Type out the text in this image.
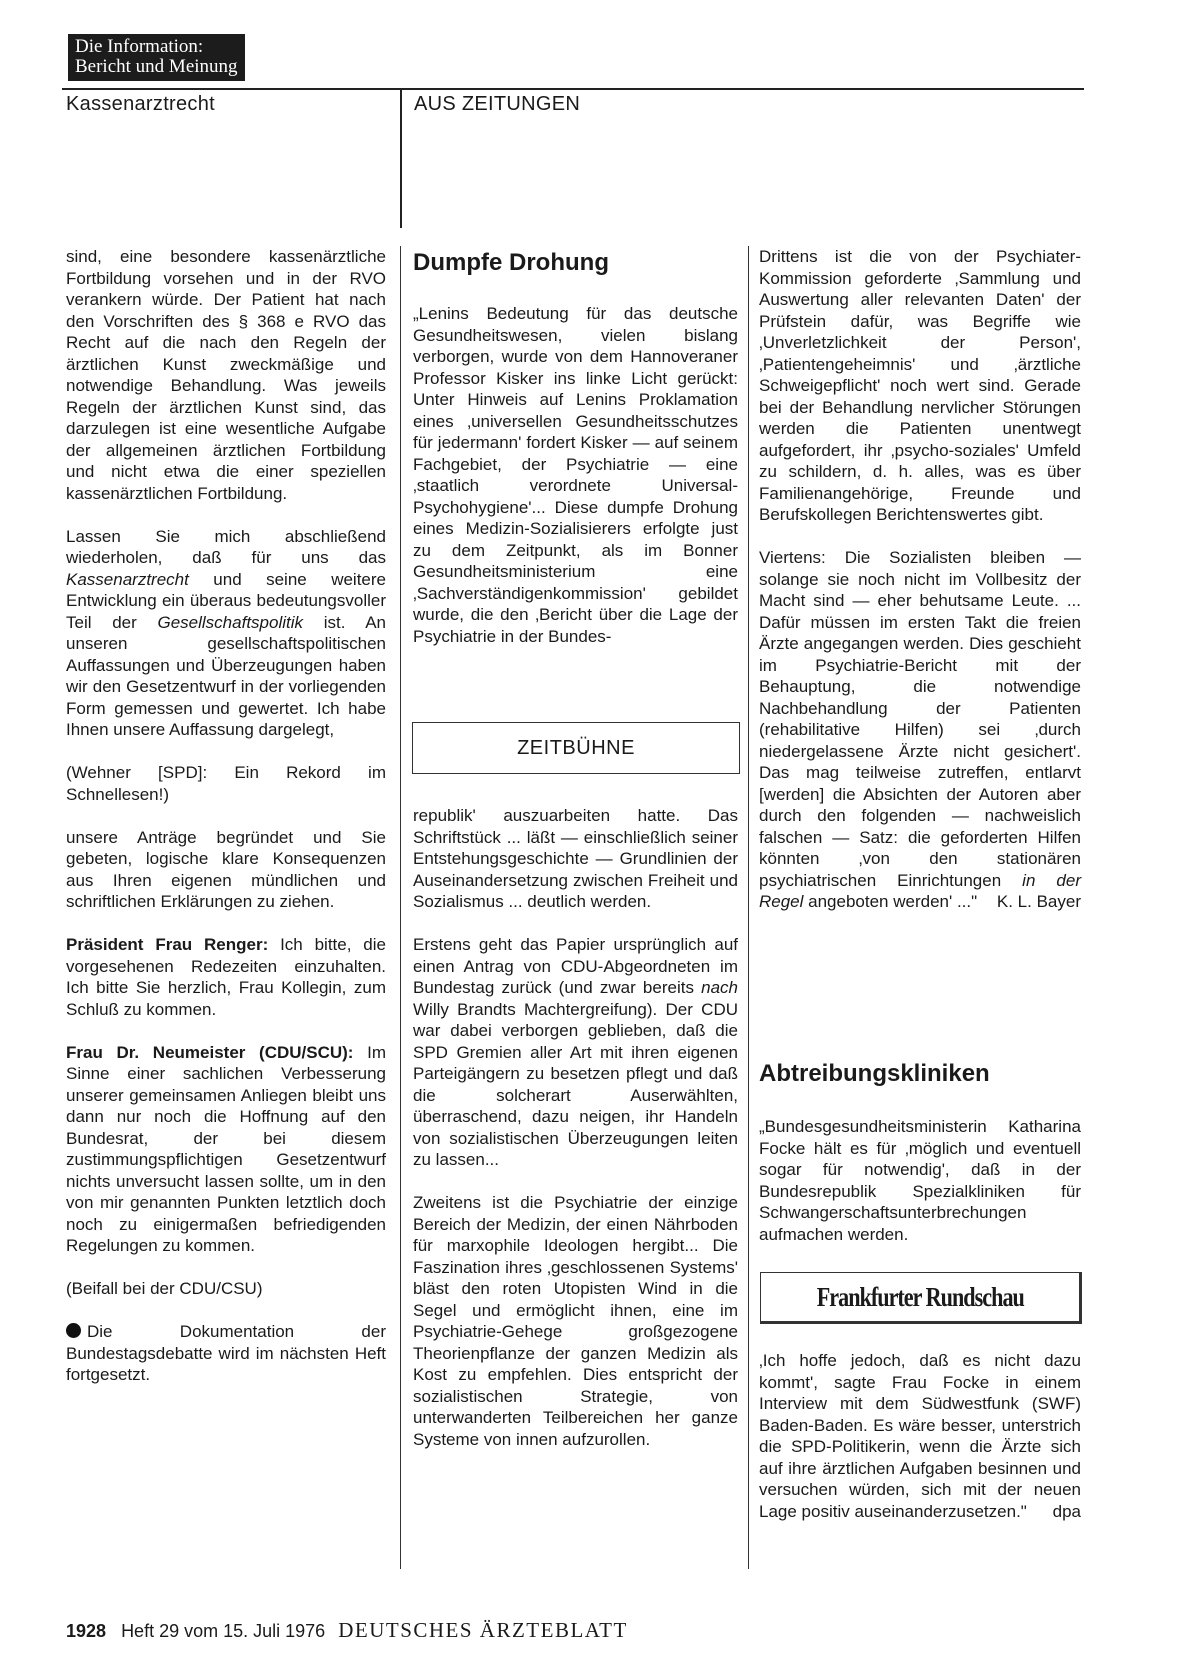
Die Information:
Bericht und Meinung
Kassenarztrecht	AUS ZEITUNGEN

sind, eine besondere kassenärztliche Fortbildung vorsehen und in der RVO verankern würde. Der Patient hat nach den Vorschriften des § 368 e RVO das Recht auf die nach den Regeln der ärztlichen Kunst zweckmäßige und notwendige Behandlung. Was jeweils Regeln der ärztlichen Kunst sind, das darzulegen ist eine wesentliche Aufgabe der allgemeinen ärztlichen Fortbildung und nicht etwa die einer speziellen kassenärztlichen Fortbildung.

Lassen Sie mich abschließend wiederholen, daß für uns das Kassenarztrecht und seine weitere Entwicklung ein überaus bedeutungsvoller Teil der Gesellschaftspolitik ist. An unseren gesellschaftspolitischen Auffassungen und Überzeugungen haben wir den Gesetzentwurf in der vorliegenden Form gemessen und gewertet. Ich habe Ihnen unsere Auffassung dargelegt,

(Wehner [SPD]: Ein Rekord im Schnellesen!)

unsere Anträge begründet und Sie gebeten, logische klare Konsequenzen aus Ihren eigenen mündlichen und schriftlichen Erklärungen zu ziehen.

Präsident Frau Renger: Ich bitte, die vorgesehenen Redezeiten einzuhalten. Ich bitte Sie herzlich, Frau Kollegin, zum Schluß zu kommen.

Frau Dr. Neumeister (CDU/SCU): Im Sinne einer sachlichen Verbesserung unserer gemeinsamen Anliegen bleibt uns dann nur noch die Hoffnung auf den Bundesrat, der bei diesem zustimmungspflichtigen Gesetzentwurf nichts unversucht lassen sollte, um in den von mir genannten Punkten letztlich doch noch zu einigermaßen befriedigenden Regelungen zu kommen.

(Beifall bei der CDU/CSU)

Die Dokumentation der Bundestagsdebatte wird im nächsten Heft fortgesetzt.

Dumpfe Drohung

„Lenins Bedeutung für das deutsche Gesundheitswesen, vielen bislang verborgen, wurde von dem Hannoveraner Professor Kisker ins linke Licht gerückt: Unter Hinweis auf Lenins Proklamation eines ‚universellen Gesundheitsschutzes für jedermann' fordert Kisker — auf seinem Fachgebiet, der Psychiatrie — eine ‚staatlich verordnete Universal-Psychohygiene'... Diese dumpfe Drohung eines Medizin-Sozialisierers erfolgte just zu dem Zeitpunkt, als im Bonner Gesundheitsministerium eine ‚Sachverständigenkommission' gebildet wurde, die den ‚Bericht über die Lage der Psychiatrie in der Bundes-

ZEITBÜHNE

republik' auszuarbeiten hatte. Das Schriftstück ... läßt — einschließlich seiner Entstehungsgeschichte — Grundlinien der Auseinandersetzung zwischen Freiheit und Sozialismus ... deutlich werden.

Erstens geht das Papier ursprünglich auf einen Antrag von CDU-Abgeordneten im Bundestag zurück (und zwar bereits nach Willy Brandts Machtergreifung). Der CDU war dabei verborgen geblieben, daß die SPD Gremien aller Art mit ihren eigenen Parteigängern zu besetzen pflegt und daß die solcherart Auserwählten, überraschend, dazu neigen, ihr Handeln von sozialistischen Überzeugungen leiten zu lassen...

Zweitens ist die Psychiatrie der einzige Bereich der Medizin, der einen Nährboden für marxophile Ideologen hergibt... Die Faszination ihres ‚geschlossenen Systems' bläst den roten Utopisten Wind in die Segel und ermöglicht ihnen, eine im Psychiatrie-Gehege großgezogene Theorienpflanze der ganzen Medizin als Kost zu empfehlen. Dies entspricht der sozialistischen Strategie, von unterwanderten Teilbereichen her ganze Systeme von innen aufzurollen.

Drittens ist die von der Psychiater-Kommission geforderte ‚Sammlung und Auswertung aller relevanten Daten' der Prüfstein dafür, was Begriffe wie ‚Unverletzlichkeit der Person', ‚Patientengeheimnis' und ‚ärztliche Schweigepflicht' noch wert sind. Gerade bei der Behandlung nervlicher Störungen werden die Patienten unentwegt aufgefordert, ihr ‚psycho-soziales' Umfeld zu schildern, d. h. alles, was es über Familienangehörige, Freunde und Berufskollegen Berichtenswertes gibt.

Viertens: Die Sozialisten bleiben — solange sie noch nicht im Vollbesitz der Macht sind — eher behutsame Leute. ... Dafür müssen im ersten Takt die freien Ärzte angegangen werden. Dies geschieht im Psychiatrie-Bericht mit der Behauptung, die notwendige Nachbehandlung der Patienten (rehabilitative Hilfen) sei ‚durch niedergelassene Ärzte nicht gesichert'. Das mag teilweise zutreffen, entlarvt [werden] die Absichten der Autoren aber durch den folgenden — nachweislich falschen — Satz: die geforderten Hilfen könnten ‚von den stationären psychiatrischen Einrichtungen in der Regel angeboten werden' ..." K. L. Bayer

Abtreibungskliniken

„Bundesgesundheitsministerin Katharina Focke hält es für ‚möglich und eventuell sogar für notwendig', daß in der Bundesrepublik Spezialkliniken für Schwangerschaftsunterbrechungen aufmachen werden.

Frankfurter Rundschau

‚Ich hoffe jedoch, daß es nicht dazu kommt', sagte Frau Focke in einem Interview mit dem Südwestfunk (SWF) Baden-Baden. Es wäre besser, unterstrich die SPD-Politikerin, wenn die Ärzte sich auf ihre ärztlichen Aufgaben besinnen und versuchen würden, sich mit der neuen Lage positiv auseinanderzusetzen." dpa

1928 Heft 29 vom 15. Juli 1976 DEUTSCHES ÄRZTEBLATT
